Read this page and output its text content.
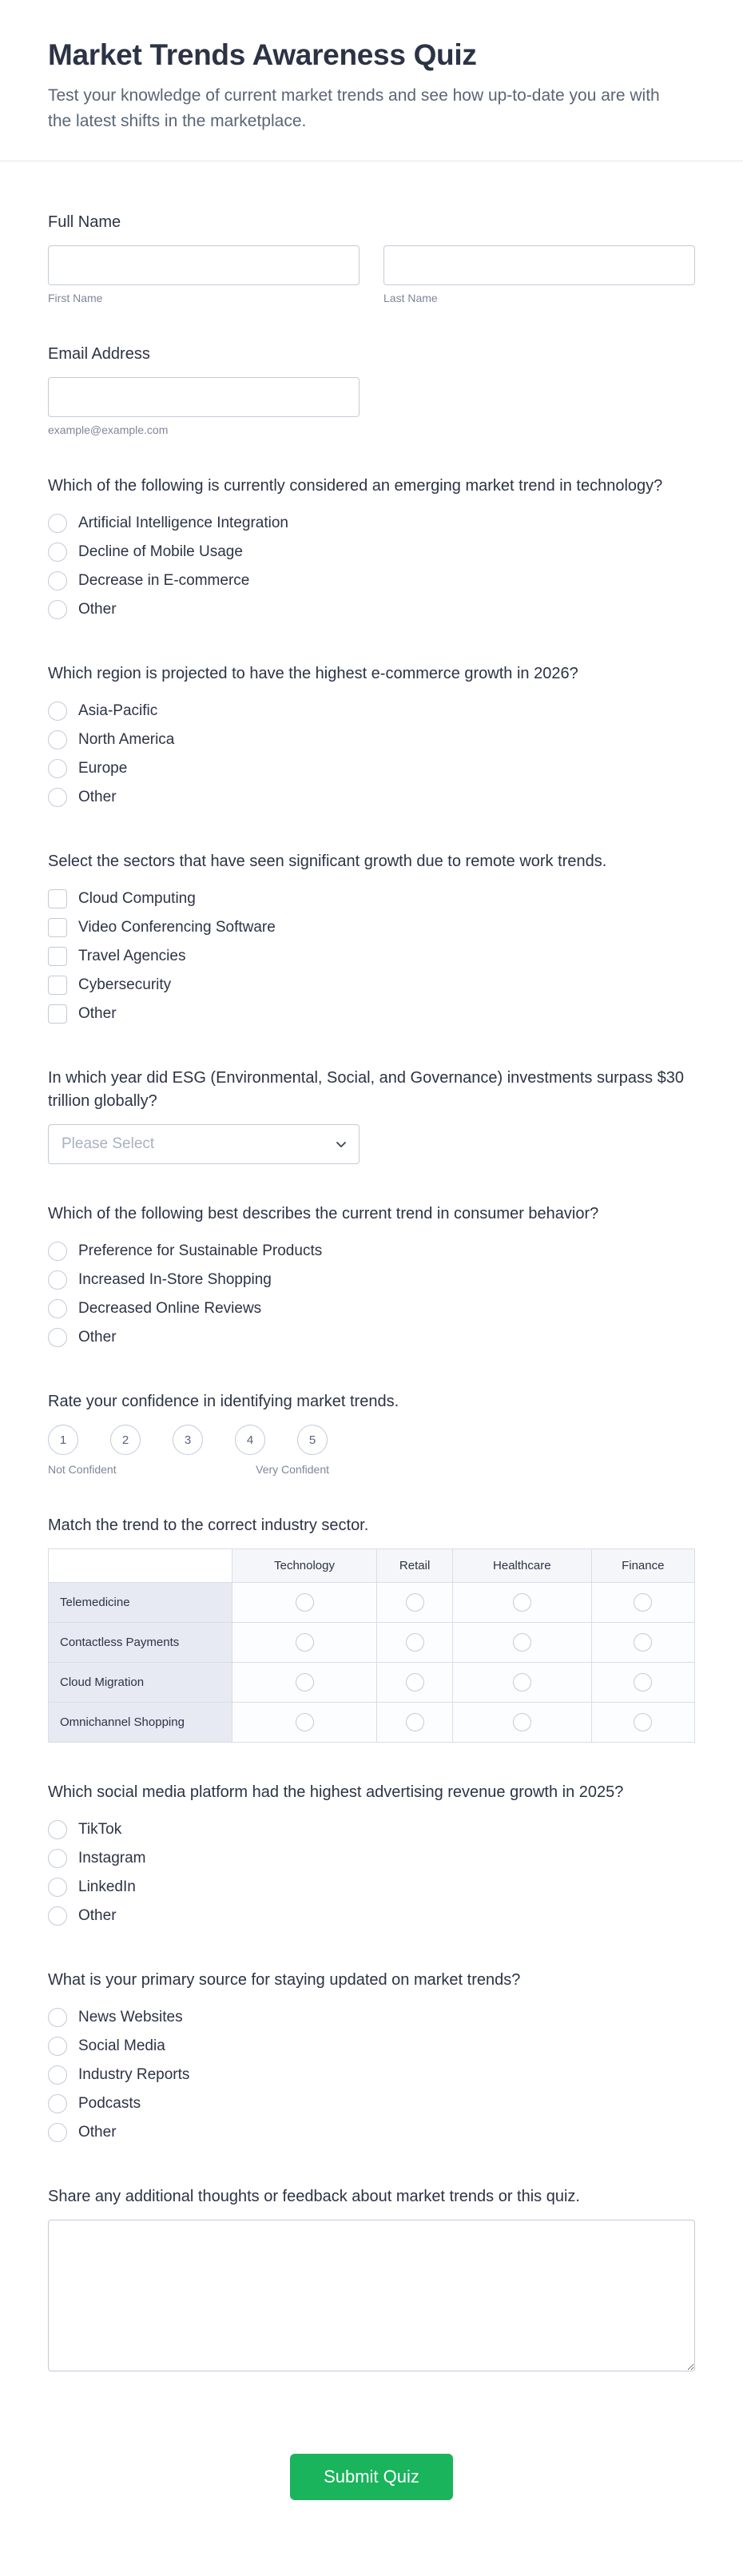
Market Trends Awareness Quiz
Test your knowledge of current market trends and see how up-to-date you are with the latest shifts in the marketplace.
Full Name
First Name	Last Name
Email Address
example@example.com
Which of the following is currently considered an emerging market trend in technology?
Artificial Intelligence Integration
Decline of Mobile Usage
Decrease in E-commerce
Other
Which region is projected to have the highest e-commerce growth in 2026?
Asia-Pacific
North America
Europe
Other
Select the sectors that have seen significant growth due to remote work trends.
Cloud Computing
Video Conferencing Software
Travel Agencies
Cybersecurity
Other
In which year did ESG (Environmental, Social, and Governance) investments surpass $30 trillion globally?
Please Select
Which of the following best describes the current trend in consumer behavior?
Preference for Sustainable Products
Increased In-Store Shopping
Decreased Online Reviews
Other
Rate your confidence in identifying market trends.
1	2	3	4	5
Not Confident	Very Confident
Match the trend to the correct industry sector.
	Technology	Retail	Healthcare	Finance
Telemedicine				
Contactless Payments				
Cloud Migration				
Omnichannel Shopping				
Which social media platform had the highest advertising revenue growth in 2025?
TikTok
Instagram
LinkedIn
Other
What is your primary source for staying updated on market trends?
News Websites
Social Media
Industry Reports
Podcasts
Other
Share any additional thoughts or feedback about market trends or this quiz.
Submit Quiz
